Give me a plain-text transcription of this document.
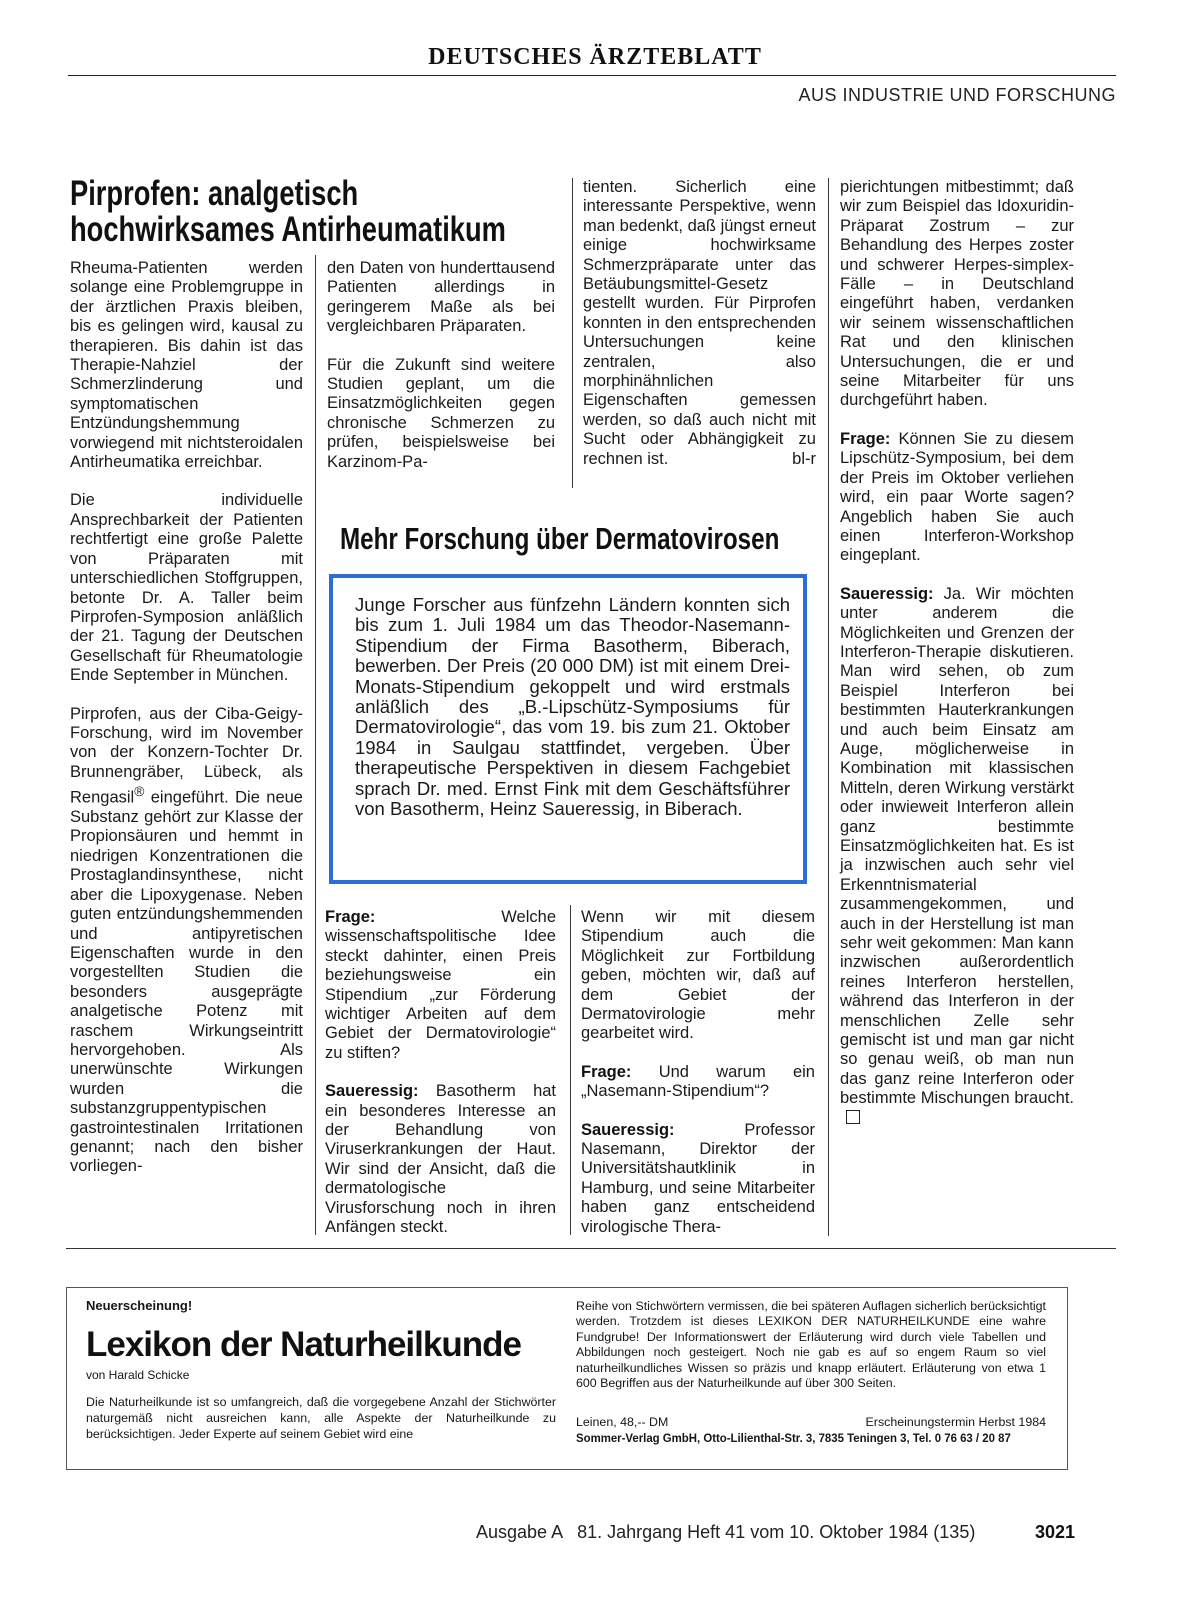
DEUTSCHES ÄRZTEBLATT
AUS INDUSTRIE UND FORSCHUNG
Pirprofen: analgetisch
hochwirksames Antirheumatikum

Rheuma-Patienten werden solange eine Problemgruppe in der ärztlichen Praxis bleiben, bis es gelingen wird, kausal zu therapieren. Bis dahin ist das Therapie-Nahziel der Schmerzlinderung und symptomatischen Entzündungshemmung vorwiegend mit nichtsteroidalen Antirheumatika erreichbar.

Die individuelle Ansprechbarkeit der Patienten rechtfertigt eine große Palette von Präparaten mit unterschiedlichen Stoffgruppen, betonte Dr. A. Taller beim Pirprofen-Symposion anläßlich der 21. Tagung der Deutschen Gesellschaft für Rheumatologie Ende September in München.

Pirprofen, aus der Ciba-Geigy-Forschung, wird im November von der Konzern-Tochter Dr. Brunnengräber, Lübeck, als Rengasil® eingeführt. Die neue Substanz gehört zur Klasse der Propionsäuren und hemmt in niedrigen Konzentrationen die Prostaglandinsynthese, nicht aber die Lipoxygenase. Neben guten entzündungshemmenden und antipyretischen Eigenschaften wurde in den vorgestellten Studien die besonders ausgeprägte analgetische Potenz mit raschem Wirkungseintritt hervorgehoben. Als unerwünschte Wirkungen wurden die substanzgruppentypischen gastrointestinalen Irritationen genannt; nach den bisher vorliegen-

den Daten von hunderttausend Patienten allerdings in geringerem Maße als bei vergleichbaren Präparaten.

Für die Zukunft sind weitere Studien geplant, um die Einsatzmöglichkeiten gegen chronische Schmerzen zu prüfen, beispielsweise bei Karzinom-Pa-

tienten. Sicherlich eine interessante Perspektive, wenn man bedenkt, daß jüngst erneut einige hochwirksame Schmerzpräparate unter das Betäubungsmittel-Gesetz gestellt wurden. Für Pirprofen konnten in den entsprechenden Untersuchungen keine zentralen, also morphinähnlichen Eigenschaften gemessen werden, so daß auch nicht mit Sucht oder Abhängigkeit zu rechnen ist.	bl-r

Mehr Forschung über Dermatovirosen
Junge Forscher aus fünfzehn Ländern konnten sich bis zum 1. Juli 1984 um das Theodor-Nasemann-Stipendium der Firma Basotherm, Biberach, bewerben. Der Preis (20 000 DM) ist mit einem Drei-Monats-Stipendium gekoppelt und wird erstmals anläßlich des „B.-Lipschütz-Symposiums für Dermatovirologie“, das vom 19. bis zum 21. Oktober 1984 in Saulgau stattfindet, vergeben. Über therapeutische Perspektiven in diesem Fachgebiet sprach Dr. med. Ernst Fink mit dem Geschäftsführer von Basotherm, Heinz Saueressig, in Biberach.

Frage: Welche wissenschaftspolitische Idee steckt dahinter, einen Preis beziehungsweise ein Stipendium „zur Förderung wichtiger Arbeiten auf dem Gebiet der Dermatovirologie“ zu stiften?

Saueressig: Basotherm hat ein besonderes Interesse an der Behandlung von Viruserkrankungen der Haut. Wir sind der Ansicht, daß die dermatologische Virusforschung noch in ihren Anfängen steckt.

Wenn wir mit diesem Stipendium auch die Möglichkeit zur Fortbildung geben, möchten wir, daß auf dem Gebiet der Dermatovirologie mehr gearbeitet wird.

Frage: Und warum ein „Nasemann-Stipendium“?

Saueressig: Professor Nasemann, Direktor der Universitätshautklinik in Hamburg, und seine Mitarbeiter haben ganz entscheidend virologische Thera-

pierichtungen mitbestimmt; daß wir zum Beispiel das Idoxuridin-Präparat Zostrum – zur Behandlung des Herpes zoster und schwerer Herpes-simplex-Fälle – in Deutschland eingeführt haben, verdanken wir seinem wissenschaftlichen Rat und den klinischen Untersuchungen, die er und seine Mitarbeiter für uns durchgeführt haben.

Frage: Können Sie zu diesem Lipschütz-Symposium, bei dem der Preis im Oktober verliehen wird, ein paar Worte sagen? Angeblich haben Sie auch einen Interferon-Workshop eingeplant.

Saueressig: Ja. Wir möchten unter anderem die Möglichkeiten und Grenzen der Interferon-Therapie diskutieren. Man wird sehen, ob zum Beispiel Interferon bei bestimmten Hauterkrankungen und auch beim Einsatz am Auge, möglicherweise in Kombination mit klassischen Mitteln, deren Wirkung verstärkt oder inwieweit Interferon allein ganz bestimmte Einsatzmöglichkeiten hat. Es ist ja inzwischen auch sehr viel Erkenntnismaterial zusammengekommen, und auch in der Herstellung ist man sehr weit gekommen: Man kann inzwischen außerordentlich reines Interferon herstellen, während das Interferon in der menschlichen Zelle sehr gemischt ist und man gar nicht so genau weiß, ob man nun das ganz reine Interferon oder bestimmte Mischungen braucht.

Neuerscheinung!
Lexikon der Naturheilkunde
von Harald Schicke
Die Naturheilkunde ist so umfangreich, daß die vorgegebene Anzahl der Stichwörter naturgemäß nicht ausreichen kann, alle Aspekte der Naturheilkunde zu berücksichtigen. Jeder Experte auf seinem Gebiet wird eine
Reihe von Stichwörtern vermissen, die bei späteren Auflagen sicherlich berücksichtigt werden. Trotzdem ist dieses LEXIKON DER NATURHEILKUNDE eine wahre Fundgrube! Der Informationswert der Erläuterung wird durch viele Tabellen und Abbildungen noch gesteigert. Noch nie gab es auf so engem Raum so viel naturheilkundliches Wissen so präzis und knapp erläutert. Erläuterung von etwa 1 600 Begriffen aus der Naturheilkunde auf über 300 Seiten.
Leinen, 48,-- DM	Erscheinungstermin Herbst 1984
Sommer-Verlag GmbH, Otto-Lilienthal-Str. 3, 7835 Teningen 3, Tel. 0 76 63 / 20 87
Ausgabe A   81. Jahrgang Heft 41 vom 10. Oktober 1984 (135)	3021
